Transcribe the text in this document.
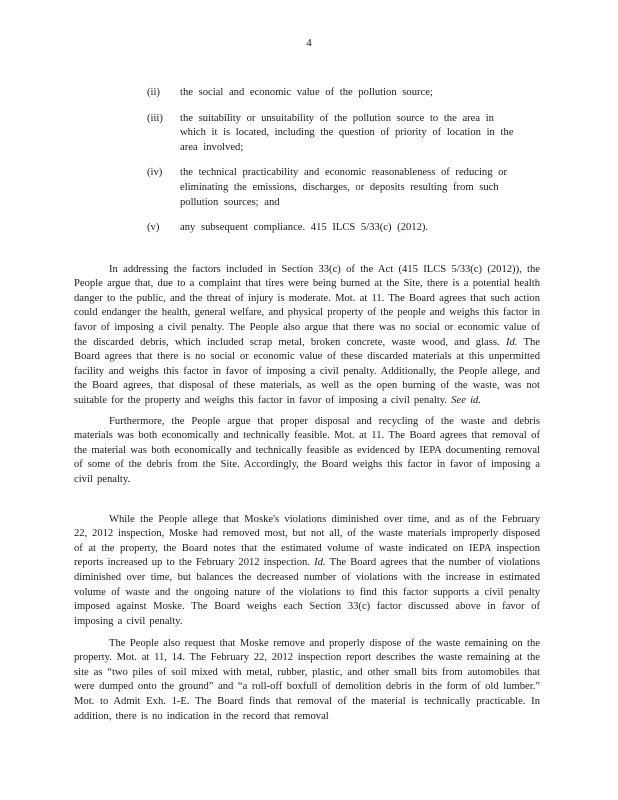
4
(ii)	the social and economic value of the pollution source;
(iii)	the suitability or unsuitability of the pollution source to the area in which it is located, including the question of priority of location in the area involved;
(iv)	the technical practicability and economic reasonableness of reducing or eliminating the emissions, discharges, or deposits resulting from such pollution sources; and
(v)	any subsequent compliance. 415 ILCS 5/33(c) (2012).

In addressing the factors included in Section 33(c) of the Act (415 ILCS 5/33(c) (2012)), the People argue that, due to a complaint that tires were being burned at the Site, there is a potential health danger to the public, and the threat of injury is moderate. Mot. at 11. The Board agrees that such action could endanger the health, general welfare, and physical property of the people and weighs this factor in favor of imposing a civil penalty. The People also argue that there was no social or economic value of the discarded debris, which included scrap metal, broken concrete, waste wood, and glass. Id. The Board agrees that there is no social or economic value of these discarded materials at this unpermitted facility and weighs this factor in favor of imposing a civil penalty. Additionally, the People allege, and the Board agrees, that disposal of these materials, as well as the open burning of the waste, was not suitable for the property and weighs this factor in favor of imposing a civil penalty. See id.

Furthermore, the People argue that proper disposal and recycling of the waste and debris materials was both economically and technically feasible. Mot. at 11. The Board agrees that removal of the material was both economically and technically feasible as evidenced by IEPA documenting removal of some of the debris from the Site. Accordingly, the Board weighs this factor in favor of imposing a civil penalty.

While the People allege that Moske's violations diminished over time, and as of the February 22, 2012 inspection, Moske had removed most, but not all, of the waste materials improperly disposed of at the property, the Board notes that the estimated volume of waste indicated on IEPA inspection reports increased up to the February 2012 inspection. Id. The Board agrees that the number of violations diminished over time, but balances the decreased number of violations with the increase in estimated volume of waste and the ongoing nature of the violations to find this factor supports a civil penalty imposed against Moske. The Board weighs each Section 33(c) factor discussed above in favor of imposing a civil penalty.

The People also request that Moske remove and properly dispose of the waste remaining on the property. Mot. at 11, 14. The February 22, 2012 inspection report describes the waste remaining at the site as “two piles of soil mixed with metal, rubber, plastic, and other small bits from automobiles that were dumped onto the ground” and “a roll-off boxfull of demolition debris in the form of old lumber.” Mot. to Admit Exh. 1-E. The Board finds that removal of the material is technically practicable. In addition, there is no indication in the record that removal
